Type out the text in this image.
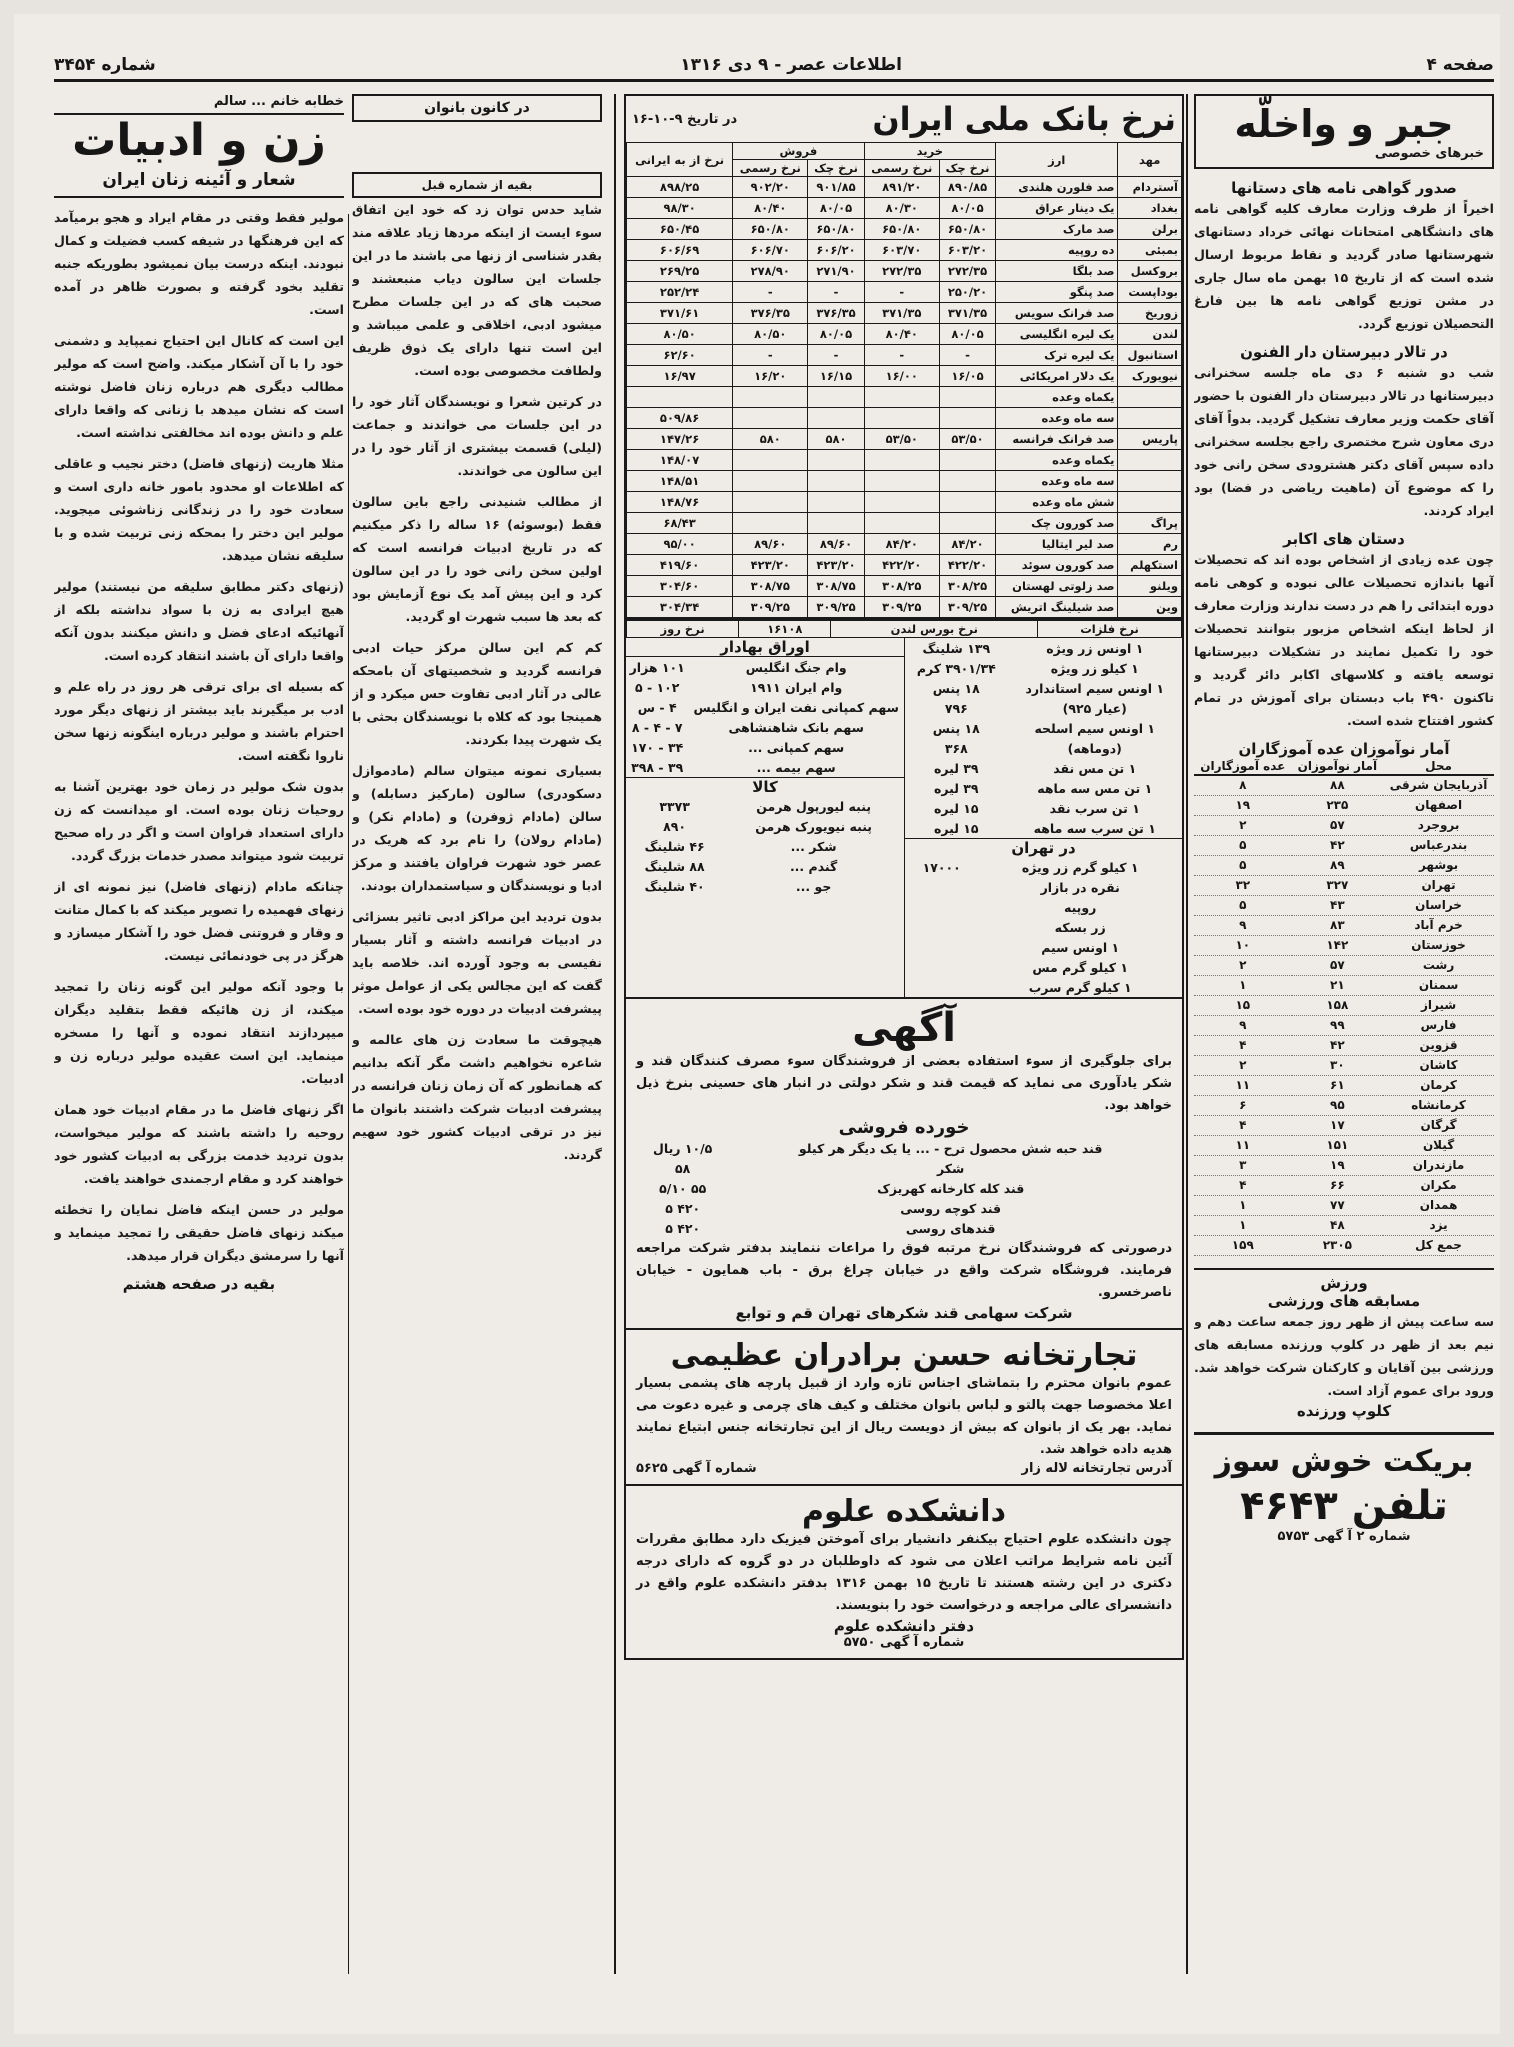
صفحه ۴
اطلاعات عصر - ۹ دی ۱۳۱۶
شماره ۳۴۵۴
جبر و واخلّه
خبرهای خصوصی
صدور گواهی نامه های دستانها
اخیراً از طرف وزارت معارف کلیه گواهی نامه های دانشگاهی امتحانات نهائی خرداد دستانهای شهرستانها صادر گردید و نقاط مربوط ارسال شده است که از تاریخ ۱۵ بهمن ماه سال جاری در مشن توزیع گواهی نامه ها بین فارغ التحصیلان توزیع گردد.
در تالار دبیرستان دار الفنون
شب دو شنبه ۶ دی ماه جلسه سخنرانی دبیرستانها در تالار دبیرستان دار الفنون با حضور آقای حکمت وزیر معارف تشکیل گردید. بدواً آقای دری معاون شرح مختصری راجع بجلسه سخنرانی داده سپس آقای دکتر هشترودی سخن رانی خود را که موضوع آن (ماهیت ریاضی در فضا) بود ایراد کردند.
دستان های اکابر
چون عده زیادی از اشخاص بوده اند که تحصیلات آنها باندازه تحصیلات عالی نبوده و کوهی نامه دوره ابتدائی را هم در دست ندارند وزارت معارف از لحاظ اینکه اشخاص مزبور بتوانند تحصیلات خود را تکمیل نمایند در تشکیلات دبیرستانها توسعه یافته و کلاسهای اکابر دائر گردید و تاکنون ۴۹۰ باب دبستان برای آموزش در تمام کشور افتتاح شده است.
آمار نوآموزان عده آموزگاران
محل	آمار نوآموزان	عده آموزگاران
آذربایجان شرقی	۸۸	۸
اصفهان	۲۳۵	۱۹
بروجرد	۵۷	۲
بندرعباس	۴۲	۵
بوشهر	۸۹	۵
تهران	۳۲۷	۳۲
خراسان	۴۳	۵
خرم آباد	۸۳	۹
خوزستان	۱۴۲	۱۰
رشت	۵۷	۲
سمنان	۲۱	۱
شیراز	۱۵۸	۱۵
فارس	۹۹	۹
قزوین	۴۲	۴
کاشان	۳۰	۲
کرمان	۶۱	۱۱
کرمانشاه	۹۵	۶
گرگان	۱۷	۴
گیلان	۱۵۱	۱۱
مازندران	۱۹	۳
مکران	۶۶	۴
همدان	۷۷	۱
یزد	۴۸	۱
جمع کل	۲۳۰۵	۱۵۹
ورزش
مسابقه های ورزشی
سه ساعت پیش از ظهر روز جمعه ساعت دهم و نیم بعد از ظهر در کلوپ ورزنده مسابقه های ورزشی بین آقایان و کارکنان شرکت خواهد شد. ورود برای عموم آزاد است.
کلوپ ورزنده
بریکت خوش سوز
تلفن ۴۶۴۳
شماره ۲ آ گهی ۵۷۵۳
نرخ بانک ملی ایران
در تاریخ ۹-۱۰-۱۶
مهد	ارز	خرید		فروش		نرخ از به ایرانی
		نرخ چک	نرخ رسمی	نرخ چک	نرخ رسمی	
آستردام	صد فلورن هلندی	۸۹۰/۸۵	۸۹۱/۲۰	۹۰۱/۸۵	۹۰۲/۲۰	۸۹۸/۲۵
بغداد	یک دینار عراق	۸۰/۰۵	۸۰/۳۰	۸۰/۰۵	۸۰/۴۰	۹۸/۳۰
برلن	صد مارک	۶۵۰/۸۰	۶۵۰/۸۰	۶۵۰/۸۰	۶۵۰/۸۰	۶۵۰/۴۵
بمبئی	ده روپیه	۶۰۳/۲۰	۶۰۳/۷۰	۶۰۶/۲۰	۶۰۶/۷۰	۶۰۶/۶۹
بروکسل	صد بلگا	۲۷۲/۳۵	۲۷۲/۳۵	۲۷۱/۹۰	۲۷۸/۹۰	۲۶۹/۲۵
بوداپست	صد پنگو	۲۵۰/۲۰	-	-	-	۲۵۲/۲۴
زوریخ	صد فرانک سویس	۳۷۱/۳۵	۳۷۱/۳۵	۳۷۶/۳۵	۳۷۶/۳۵	۳۷۱/۶۱
لندن	یک لیره انگلیسی	۸۰/۰۵	۸۰/۴۰	۸۰/۰۵	۸۰/۵۰	۸۰/۵۰
استانبول	یک لیره ترک	-	-	-	-	۶۲/۶۰
نیویورک	یک دلار امریکائی	۱۶/۰۵	۱۶/۰۰	۱۶/۱۵	۱۶/۲۰	۱۶/۹۷
	یکماه وعده					
	سه ماه وعده					۵۰۹/۸۶
پاریس	صد فرانک فرانسه	۵۳/۵۰	۵۳/۵۰	۵۸۰	۵۸۰	۱۴۷/۲۶
	یکماه وعده					۱۴۸/۰۷
	سه ماه وعده					۱۴۸/۵۱
	شش ماه وعده					۱۴۸/۷۶
پراگ	صد کورون چک					۶۸/۴۳
رم	صد لیر ایتالیا	۸۴/۲۰	۸۴/۲۰	۸۹/۶۰	۸۹/۶۰	۹۵/۰۰
استکهلم	صد کورون سوئد	۴۲۲/۲۰	۴۲۲/۲۰	۴۲۳/۲۰	۴۲۳/۲۰	۴۱۹/۶۰
ویلنو	صد زلوتی لهستان	۳۰۸/۲۵	۳۰۸/۲۵	۳۰۸/۷۵	۳۰۸/۷۵	۳۰۴/۶۰
وین	صد شیلینگ اتریش	۳۰۹/۲۵	۳۰۹/۲۵	۳۰۹/۲۵	۳۰۹/۲۵	۳۰۴/۳۴
نرخ فلزات	نرخ بورس لندن	۱۶۱۰۸	نرخ روز
۱ اونس زر ویژه	۱۳۹ شلینگ
۱ کیلو زر ویژه	۳۹۰۱/۳۴ کرم
۱ اونس سیم استاندارد	۱۸ پنس
(عیار ۹۲۵)	۷۹۶
۱ اونس سیم اسلحه	۱۸ پنس
(دوماهه)	۳۶۸
۱ تن مس نقد	۳۹ لیره
۱ تن مس سه ماهه	۳۹ لیره
۱ تن سرب نقد	۱۵ لیره
۱ تن سرب سه ماهه	۱۵ لیره
در تهران
۱ کیلو گرم زر ویژه	۱۷۰۰۰
نقره در بازار	
روپیه	
زر بسکه	
۱ اونس سیم	
۱ کیلو گرم مس	
۱ کیلو گرم سرب	
اوراق بهادار
وام جنگ انگلیس	۱۰۱ هزار
وام ایران ۱۹۱۱	۱۰۲ - ۵
سهم کمپانی نفت ایران و انگلیس	۴ - س
سهم بانک شاهنشاهی	۷ - ۴ - ۸
سهم کمپانی ...	۳۴ - ۱۷۰
سهم بیمه ...	۳۹ - ۳۹۸
کالا
پنبه لیورپول هرمن	۳۳۷۳
پنبه نیویورک هرمن	۸۹۰
شکر ...	۴۶ شلینگ
گندم ...	۸۸ شلینگ
جو ...	۴۰ شلینگ
آگهی
برای جلوگیری از سوء استفاده بعضی از فروشندگان سوء مصرف کنندگان قند و شکر یادآوری می نماید که قیمت قند و شکر دولتی در انبار های حسینی بنرخ ذیل خواهد بود.
خورده فروشی
قند حبه شش محصول ترح - ... یا یک دیگر هر کیلو	۱۰/۵ ریال
شکر	۵۸
قند کله کارخانه کهریزک	۵۵ ۵/۱۰
قند کوچه روسی	۴۲۰ ۵
قندهای روسی	۴۲۰ ۵
درصورتی که فروشندگان نرخ مرتبه فوق را مراعات ننمایند بدفتر شرکت مراجعه فرمایند. فروشگاه شرکت واقع در خیابان چراغ برق - باب همایون - خیابان ناصرخسرو.
شرکت سهامی قند شکرهای تهران قم و توابع
تجارتخانه حسن برادران عظیمی
عموم بانوان محترم را بتماشای اجناس تازه وارد از قبیل پارچه های پشمی بسیار اعلا مخصوصا جهت پالتو و لباس بانوان مختلف و کیف های چرمی و غیره دعوت می نماید. بهر یک از بانوان که بیش از دویست ریال از این تجارتخانه جنس ابتیاع نمایند هدیه داده خواهد شد.
آدرس تجارتخانه لاله زار
شماره آ گهی ۵۶۲۵
دانشکده علوم
چون دانشکده علوم احتیاج بیکنفر دانشیار برای آموختن فیزیک دارد مطابق مقررات آئین نامه شرایط مراتب اعلان می شود که داوطلبان در دو گروه که دارای درجه دکتری در این رشته هستند تا تاریخ ۱۵ بهمن ۱۳۱۶ بدفتر دانشکده علوم واقع در دانشسرای عالی مراجعه و درخواست خود را بنویسند.
دفتر دانشکده علوم
شماره آ گهی ۵۷۵۰
در کانون بانوان
بقیه از شماره قبل
شاید حدس توان زد که خود این اتفاق سوء ایست از اینکه مردها زیاد علاقه مند بقدر شناسی از زنها می باشند ما در این جلسات این سالون دیاب منبعشند و صحبت های که در این جلسات مطرح میشود ادبی، اخلاقی و علمی میباشد و این است تنها دارای یک ذوق ظریف ولطافت مخصوصی بوده است.
در کرتین شعرا و نویسندگان آثار خود را در این جلسات می خواندند و جماعت (لیلی) قسمت بیشتری از آثار خود را در این سالون می خواندند.
از مطالب شنیدنی راجع باین سالون فقط (بوسوئه) ۱۶ ساله را ذکر میکنیم که در تاریخ ادبیات فرانسه است که اولین سخن رانی خود را در این سالون کرد و این پیش آمد یک نوع آزمایش بود که بعد ها سبب شهرت او گردید.
کم کم این سالن مرکز حیات ادبی فرانسه گردید و شخصیتهای آن بامحکه عالی در آثار ادبی تفاوت حس میکرد و از همینجا بود که کلاه با نویسندگان بحثی با یک شهرت پیدا بکردند.
بسیاری نمونه میتوان سالم (مادموازل دسکودری) سالون (مارکیز دسابله) و سالن (مادام ژوفرن) و (مادام نکر) و (مادام رولان) را نام برد که هریک در عصر خود شهرت فراوان یافتند و مرکز ادبا و نویسندگان و سیاستمداران بودند.
بدون تردید این مراکز ادبی تاثیر بسزائی در ادبیات فرانسه داشته و آثار بسیار نفیسی به وجود آورده اند. خلاصه باید گفت که این مجالس یکی از عوامل موثر پیشرفت ادبیات در دوره خود بوده است.
هیچوقت ما سعادت زن های عالمه و شاعره نخواهیم داشت مگر آنکه بدانیم که همانطور که آن زمان زنان فرانسه در پیشرفت ادبیات شرکت داشتند بانوان ما نیز در ترقی ادبیات کشور خود سهیم گردند.
خطابه خانم ... سالم
زن و ادبیات
شعار و آئینه زنان ایران
مولیر فقط وقتی در مقام ایراد و هجو برمیآمد که این فرهنگها در شیفه کسب فضیلت و کمال نبودند. اینکه درست بیان نمیشود بطوریکه جنبه تقلید بخود گرفته و بصورت ظاهر در آمده است.
این است که کانال این احتیاج نمیپاید و دشمنی خود را با آن آشکار میکند. واضح است که مولیر مطالب دیگری هم درباره زنان فاضل نوشته است که نشان میدهد با زنانی که واقعا دارای علم و دانش بوده اند مخالفتی نداشته است.
مثلا هاریت (زنهای فاضل) دختر نجیب و عاقلی که اطلاعات او محدود بامور خانه داری است و سعادت خود را در زندگانی زناشوئی میجوید. مولیر این دختر را بمحکه زنی تربیت شده و با سلیقه نشان میدهد.
(زنهای دکتر مطابق سلیقه من نیستند) مولیر هیچ ایرادی به زن با سواد نداشته بلکه از آنهائیکه ادعای فضل و دانش میکنند بدون آنکه واقعا دارای آن باشند انتقاد کرده است.
که بسیله ای برای ترقی هر روز در راه علم و ادب بر میگیرند باید بیشتر از زنهای دیگر مورد احترام باشند و مولیر درباره اینگونه زنها سخن ناروا نگفته است.
بدون شک مولیر در زمان خود بهترین آشنا به روحیات زنان بوده است. او میدانست که زن دارای استعداد فراوان است و اگر در راه صحیح تربیت شود میتواند مصدر خدمات بزرگ گردد.
چنانکه مادام (زنهای فاضل) نیز نمونه ای از زنهای فهمیده را تصویر میکند که با کمال متانت و وقار و فروتنی فضل خود را آشکار میسازد و هرگز در پی خودنمائی نیست.
با وجود آنکه مولیر این گونه زنان را تمجید میکند، از زن هائیکه فقط بتقلید دیگران میپردازند انتقاد نموده و آنها را مسخره مینماید. این است عقیده مولیر درباره زن و ادبیات.
اگر زنهای فاضل ما در مقام ادبیات خود همان روحیه را داشته باشند که مولیر میخواست، بدون تردید خدمت بزرگی به ادبیات کشور خود خواهند کرد و مقام ارجمندی خواهند یافت.
مولیر در حسن اینکه فاضل نمایان را تخطئه میکند زنهای فاضل حقیقی را تمجید مینماید و آنها را سرمشق دیگران قرار میدهد.
بقیه در صفحه هشتم
